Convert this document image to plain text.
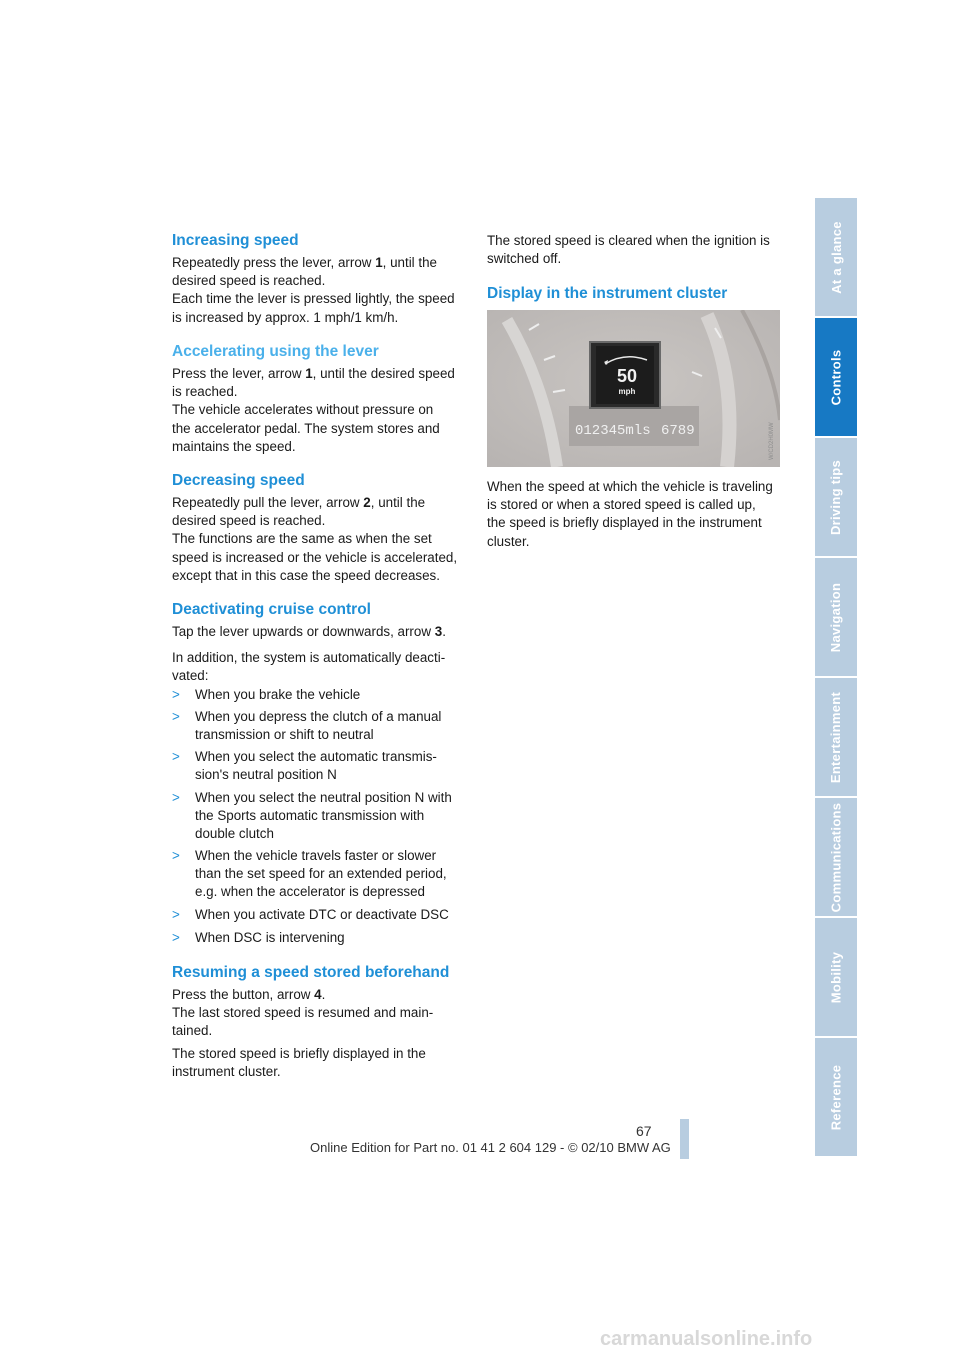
Increasing speed

Repeatedly press the lever, arrow 1, until the
desired speed is reached.
Each time the lever is pressed lightly, the speed
is increased by approx. 1 mph/1 km/h.

Accelerating using the lever

Press the lever, arrow 1, until the desired speed
is reached.
The vehicle accelerates without pressure on
the accelerator pedal. The system stores and
maintains the speed.

Decreasing speed

Repeatedly pull the lever, arrow 2, until the
desired speed is reached.
The functions are the same as when the set
speed is increased or the vehicle is accelerated,
except that in this case the speed decreases.

Deactivating cruise control

Tap the lever upwards or downwards, arrow 3.

In addition, the system is automatically deacti-
vated:

> When you brake the vehicle
> When you depress the clutch of a manual
transmission or shift to neutral
> When you select the automatic transmis-
sion's neutral position N
> When you select the neutral position N with
the Sports automatic transmission with
double clutch
> When the vehicle travels faster or slower
than the set speed for an extended period,
e.g. when the accelerator is depressed
> When you activate DTC or deactivate DSC
> When DSC is intervening
Resuming a speed stored beforehand

Press the button, arrow 4.
The last stored speed is resumed and main-
tained.

The stored speed is briefly displayed in the
instrument cluster.

The stored speed is cleared when the ignition is
switched off.

Display in the instrument cluster

When the speed at which the vehicle is traveling
is stored or when a stored speed is called up,
the speed is briefly displayed in the instrument
cluster.

50
mph
012345mls 6789	W/CD2H0MW
At a glance
Controls
Driving tips
Navigation
Entertainment
Communications
Mobility
Reference
67
Online Edition for Part no. 01 41 2 604 129 - © 02/10 BMW AG
carmanualsonline.info
